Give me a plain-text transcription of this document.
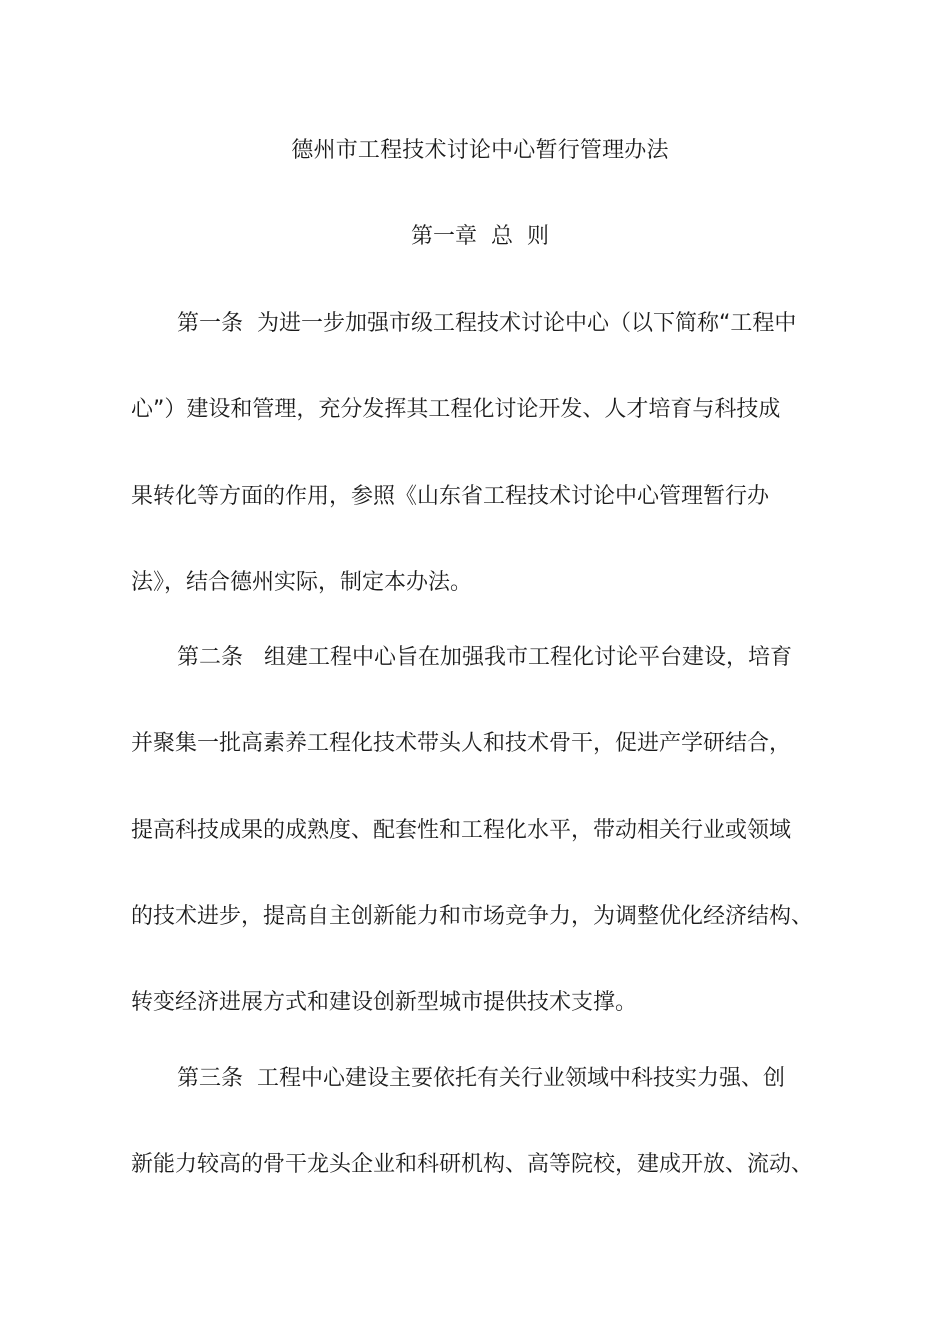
德州市工程技术讨论中心暂行管理办法
第一章  总  则
第一条  为进一步加强市级工程技术讨论中心（以下简称“工程中
心”）建设和管理，充分发挥其工程化讨论开发、人才培育与科技成
果转化等方面的作用，参照《山东省工程技术讨论中心管理暂行办
法》，结合德州实际，制定本办法。
第二条   组建工程中心旨在加强我市工程化讨论平台建设，培育
并聚集一批高素养工程化技术带头人和技术骨干，促进产学研结合，
提高科技成果的成熟度、配套性和工程化水平，带动相关行业或领域
的技术进步，提高自主创新能力和市场竞争力，为调整优化经济结构、
转变经济进展方式和建设创新型城市提供技术支撑。
第三条  工程中心建设主要依托有关行业领域中科技实力强、创
新能力较高的骨干龙头企业和科研机构、高等院校，建成开放、流动、
